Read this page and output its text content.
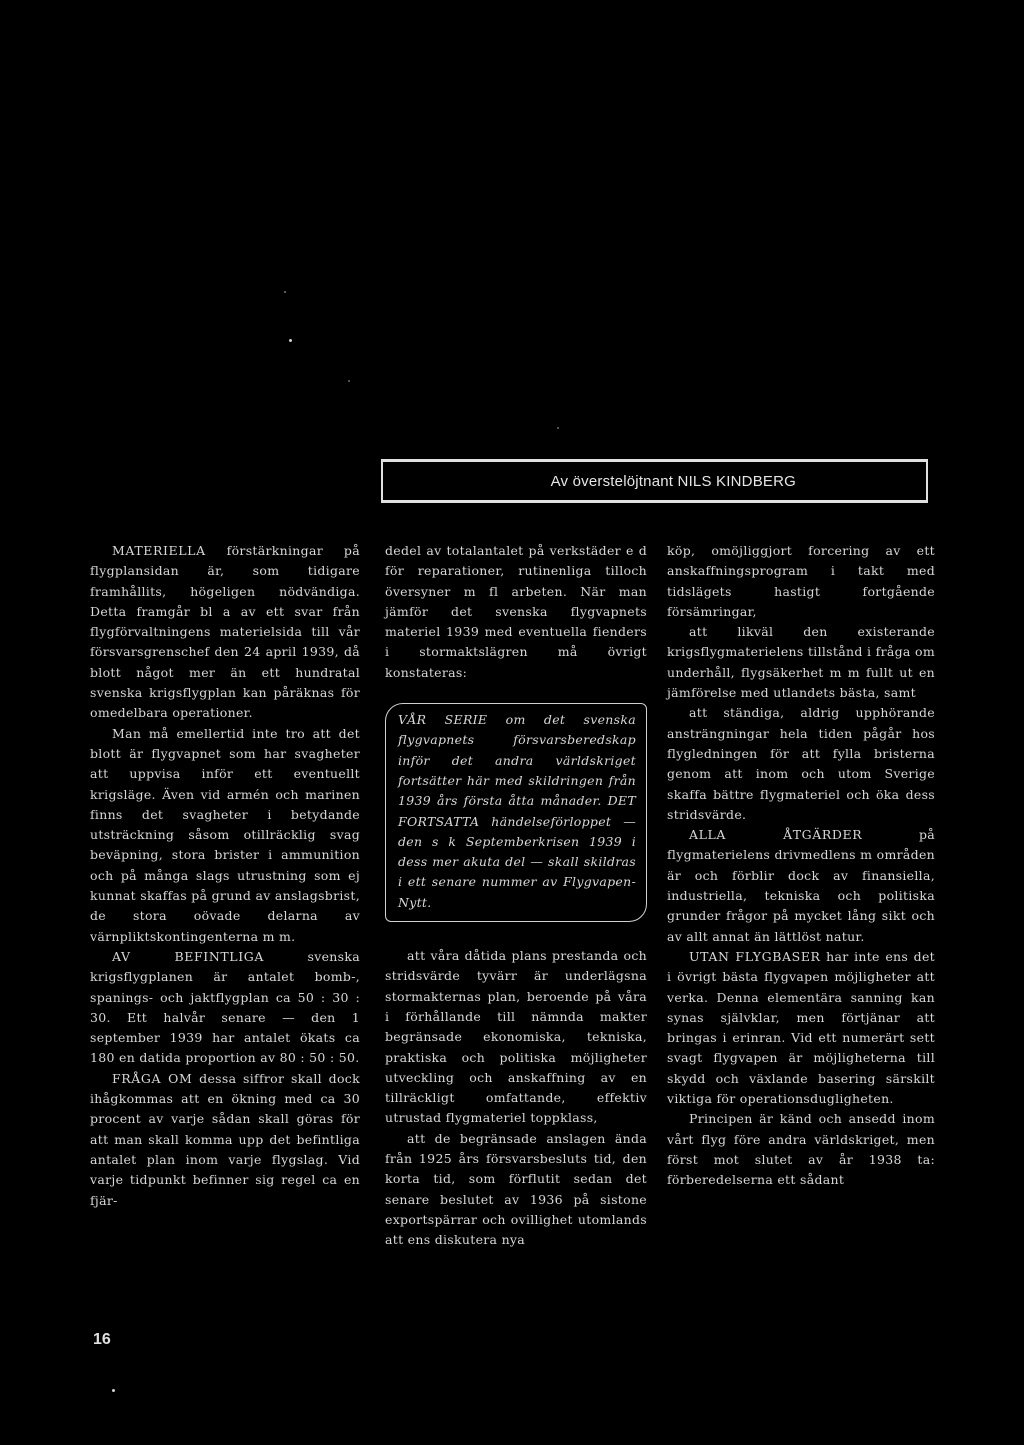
Av överstelöjtnant NILS KINDBERG

MATERIELLA förstärkningar på flygplansidan är, som tidigare framhållits, högeligen nödvändiga. Detta framgår bl a av ett svar från flygförvaltningens materielsida till vår försvarsgrenschef den 24 april 1939, då blott något mer än ett hundratal svenska krigsflygplan kan påräknas för omedelbara operationer.

Man må emellertid inte tro att det blott är flygvapnet som har svagheter att uppvisa inför ett eventuellt krigsläge. Även vid armén och marinen finns det svagheter i betydande utsträckning såsom otillräcklig svag beväpning, stora brister i ammunition och på många slags utrustning som ej kunnat skaffas på grund av anslagsbrist, de stora oövade delarna av värnpliktskontingenterna m m.

AV BEFINTLIGA svenska krigsflygplanen är antalet bomb-, spanings- och jaktflygplan ca 50 : 30 : 30. Ett halvår senare — den 1 september 1939 har antalet ökats ca 180 en datida proportion av 80 : 50 : 50.

FRÅGA OM dessa siffror skall dock ihågkommas att en ökning med ca 30 procent av varje sådan skall göras för att man skall komma upp det befintliga antalet plan inom varje flygslag. Vid varje tidpunkt befinner sig regel ca en fjär-

dedel av totalantalet på verkstäder e d för reparationer, rutinenliga tilloch översyner m fl arbeten. När man jämför det svenska flygvapnets materiel 1939 med eventuella fienders i stormaktslägren må övrigt konstateras:

VÅR SERIE om det svenska flygvapnets försvarsberedskap inför det andra världskriget fortsätter här med skildringen från 1939 års första åtta månader. DET FORTSATTA händelseförloppet — den s k Septemberkrisen 1939 i dess mer akuta del — skall skildras i ett senare nummer av Flygvapen-Nytt.

att våra dåtida plans prestanda och stridsvärde tyvärr är underlägsna stormakternas plan, beroende på våra i förhållande till nämnda makter begränsade ekonomiska, tekniska, praktiska och politiska möjligheter utveckling och anskaffning av en tillräckligt omfattande, effektiv utrustad flygmateriel toppklass,

att de begränsade anslagen ända från 1925 års försvarsbesluts tid, den korta tid, som förflutit sedan det senare beslutet av 1936 på sistone exportspärrar och ovillighet utomlands att ens diskutera nya

köp, omöjliggjort forcering av ett anskaffningsprogram i takt med tidslägets hastigt fortgående försämringar,

att likväl den existerande krigsflygmaterielens tillstånd i fråga om underhåll, flygsäkerhet m m fullt ut en jämförelse med utlandets bästa, samt

att ständiga, aldrig upphörande ansträngningar hela tiden pågår hos flygledningen för att fylla bristerna genom att inom och utom Sverige skaffa bättre flygmateriel och öka dess stridsvärde.

ALLA ÅTGÄRDER på flygmaterielens drivmedlens m områden är och förblir dock av finansiella, industriella, tekniska och politiska grunder frågor på mycket lång sikt och av allt annat än lättlöst natur.

UTAN FLYGBASER har inte ens det i övrigt bästa flygvapen möjligheter att verka. Denna elementära sanning kan synas självklar, men förtjänar att bringas i erinran. Vid ett numerärt sett svagt flygvapen är möjligheterna till skydd och växlande basering särskilt viktiga för operationsdugligheten.

Principen är känd och ansedd inom vårt flyg före andra världskriget, men först mot slutet av år 1938 ta: förberedelserna ett sådant

16
